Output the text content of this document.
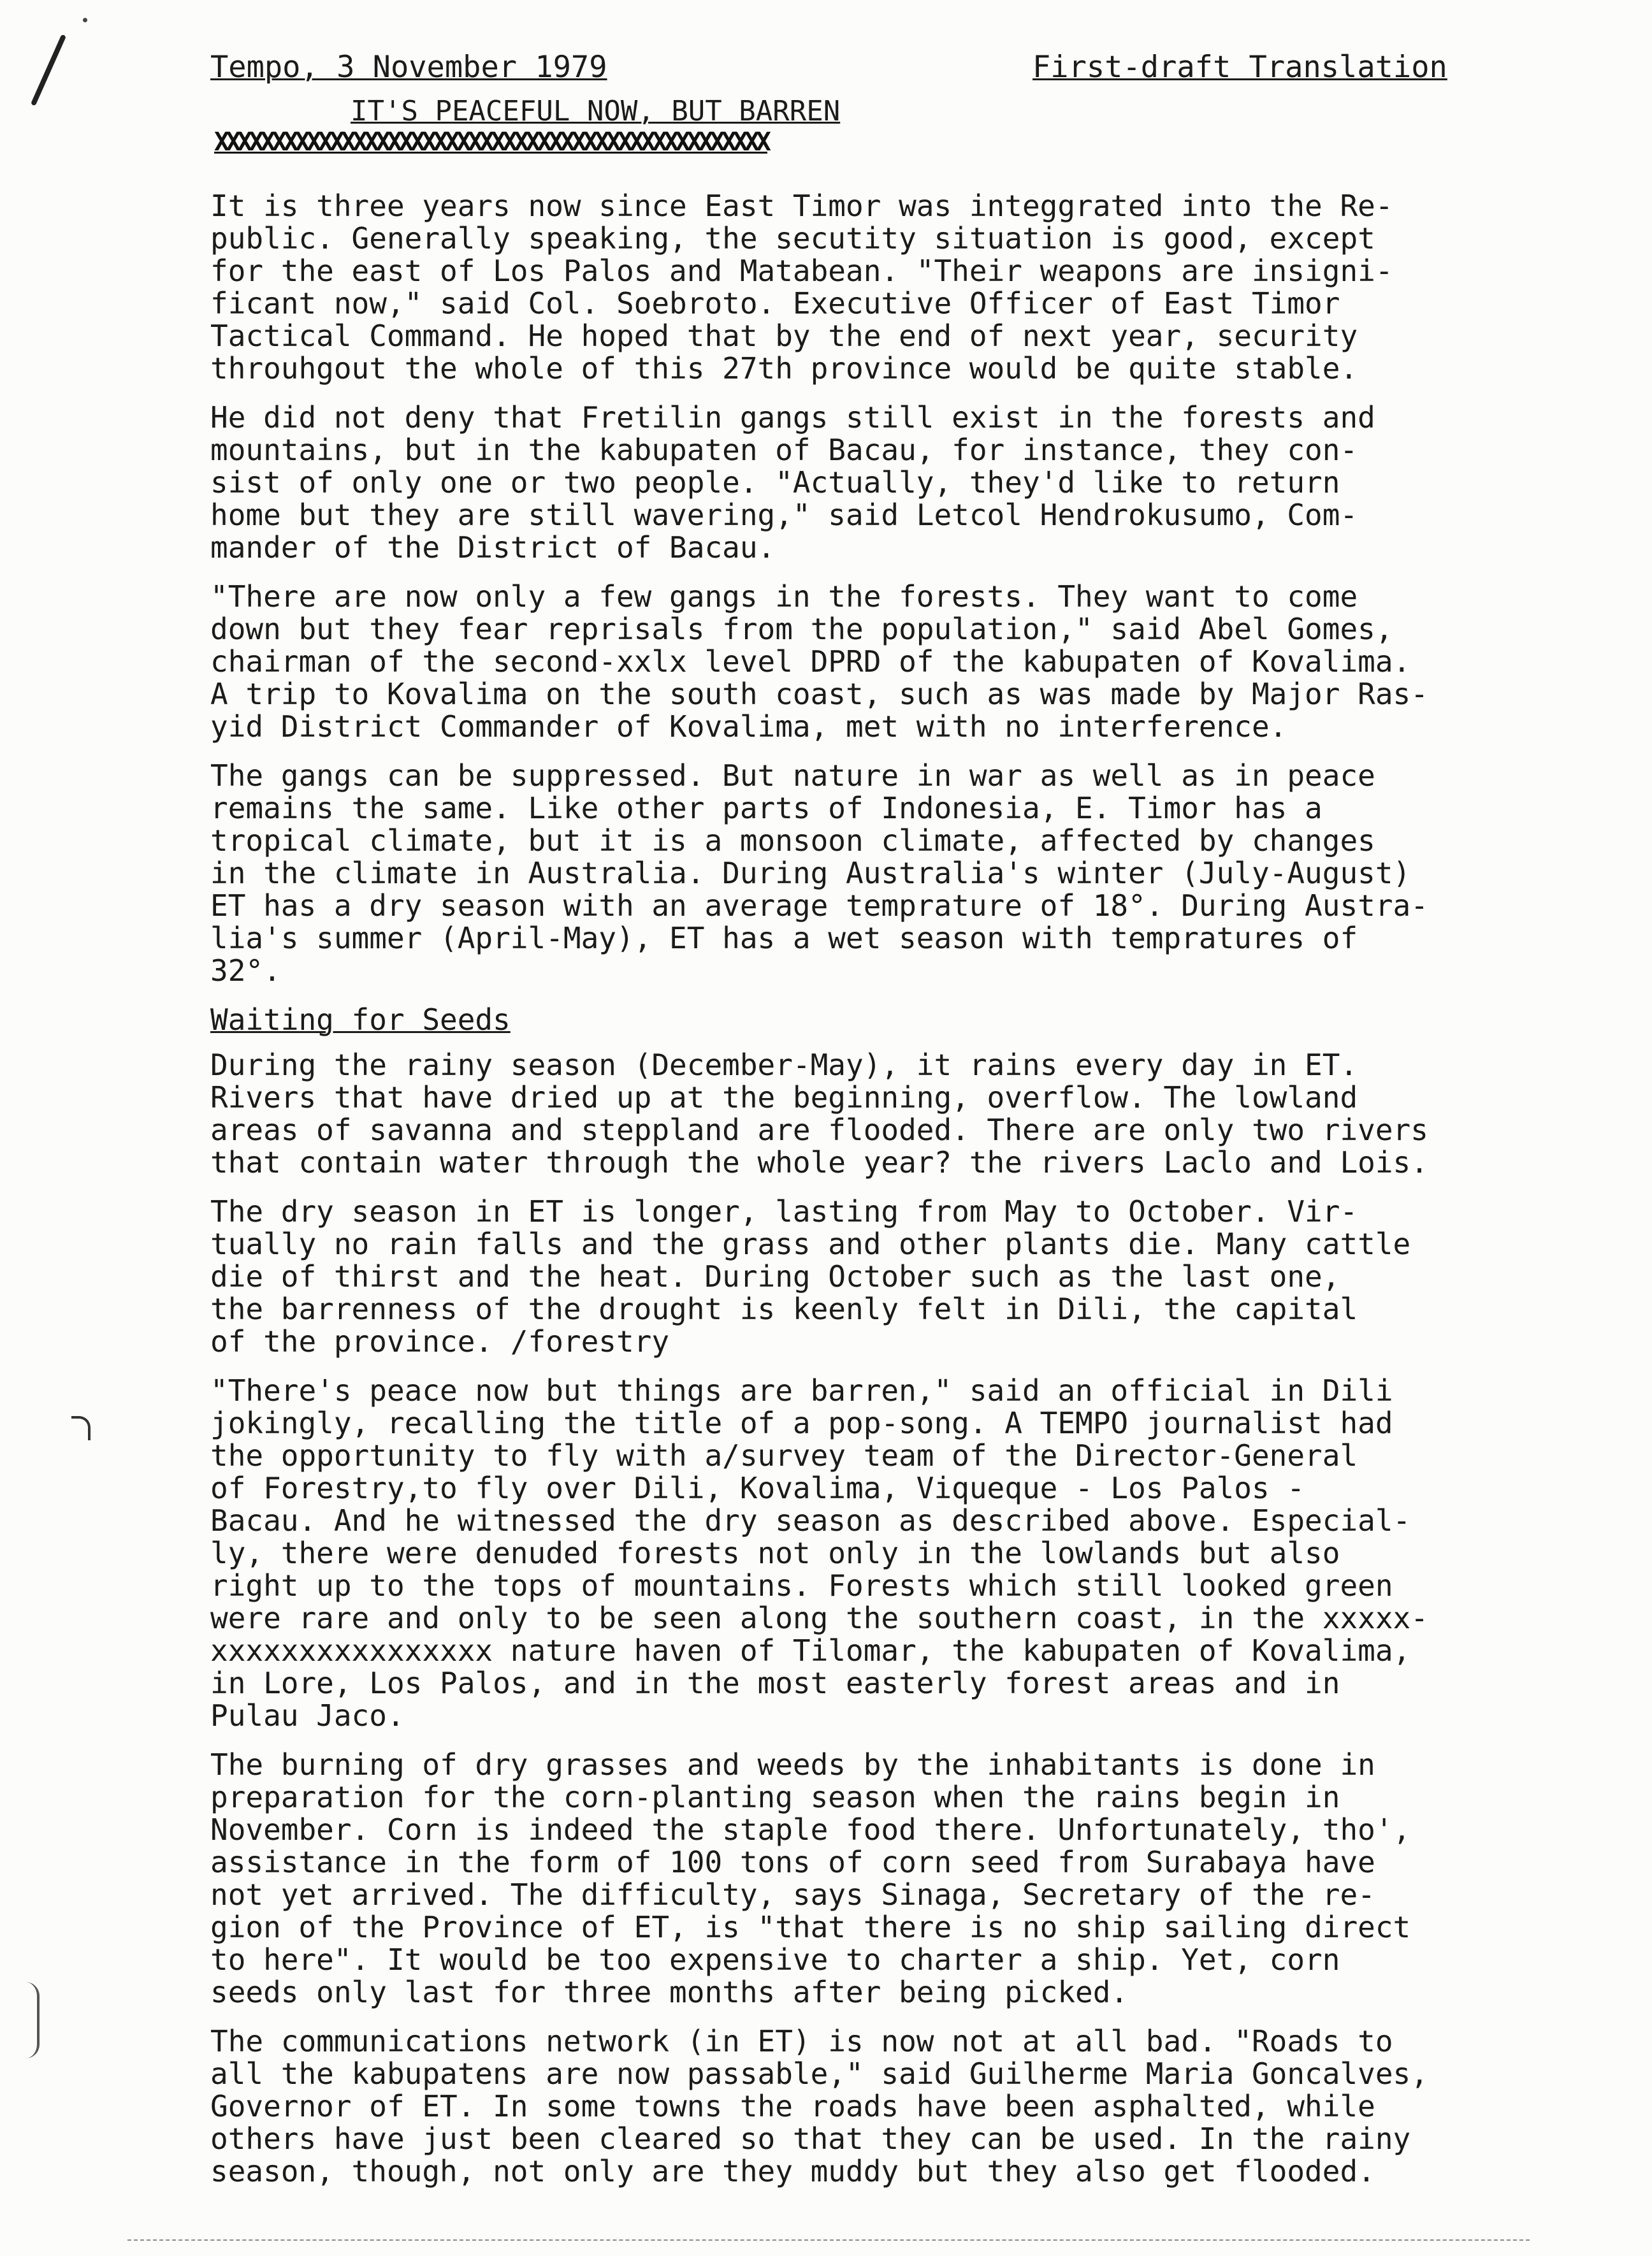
Tempo, 3 November 1979	First-draft Translation
IT'S PEACEFUL NOW, BUT BARREN
XXXXXXXXXXXXXXXXXXXXXXXXXXXXXXXXXXXXXXXXXXXXXXXX

It is three years now since East Timor was integgrated into the Re-
public. Generally speaking, the secutity situation is good, except
for the east of Los Palos and Matabean. "Their weapons are insigni-
ficant now," said Col. Soebroto. Executive Officer of East Timor
Tactical Command. He hoped that by the end of next year, security
throuhgout the whole of this 27th province would be quite stable.

He did not deny that Fretilin gangs still exist in the forests and
mountains, but in the kabupaten of Bacau, for instance, they con-
sist of only one or two people. "Actually, they'd like to return
home but they are still wavering," said Letcol Hendrokusumo, Com-
mander of the District of Bacau.

"There are now only a few gangs in the forests. They want to come
down but they fear reprisals from the population," said Abel Gomes,
chairman of the second-xxlx level DPRD of the kabupaten of Kovalima.
A trip to Kovalima on the south coast, such as was made by Major Ras-
yid District Commander of Kovalima, met with no interference.

The gangs can be suppressed. But nature in war as well as in peace
remains the same. Like other parts of Indonesia, E. Timor has a
tropical climate, but it is a monsoon climate, affected by changes
in the climate in Australia. During Australia's winter (July-August)
ET has a dry season with an average temprature of 18°. During Austra-
lia's summer (April-May), ET has a wet season with tempratures of
32°.

Waiting for Seeds

During the rainy season (December-May), it rains every day in ET.
Rivers that have dried up at the beginning, overflow. The lowland
areas of savanna and steppland are flooded. There are only two rivers
that contain water through the whole year? the rivers Laclo and Lois.

The dry season in ET is longer, lasting from May to October. Vir-
tually no rain falls and the grass and other plants die. Many cattle
die of thirst and the heat. During October such as the last one,
the barrenness of the drought is keenly felt in Dili, the capital
of the province. /forestry

"There's peace now but things are barren," said an official in Dili
jokingly, recalling the title of a pop-song. A TEMPO journalist had
the opportunity to fly with a/survey team of the Director-General
of Forestry,to fly over Dili, Kovalima, Viqueque - Los Palos -
Bacau. And he witnessed the dry season as described above. Especial-
ly, there were denuded forests not only in the lowlands but also
right up to the tops of mountains. Forests which still looked green
were rare and only to be seen along the southern coast, in the xxxxx-
xxxxxxxxxxxxxxxx nature haven of Tilomar, the kabupaten of Kovalima,
in Lore, Los Palos, and in the most easterly forest areas and in
Pulau Jaco.

The burning of dry grasses and weeds by the inhabitants is done in
preparation for the corn-planting season when the rains begin in
November. Corn is indeed the staple food there. Unfortunately, tho',
assistance in the form of 100 tons of corn seed from Surabaya have
not yet arrived. The difficulty, says Sinaga, Secretary of the re-
gion of the Province of ET, is "that there is no ship sailing direct
to here". It would be too expensive to charter a ship. Yet, corn
seeds only last for three months after being picked.

The communications network (in ET) is now not at all bad. "Roads to
all the kabupatens are now passable," said Guilherme Maria Goncalves,
Governor of ET. In some towns the roads have been asphalted, while
others have just been cleared so that they can be used. In the rainy
season, though, not only are they muddy but they also get flooded.
